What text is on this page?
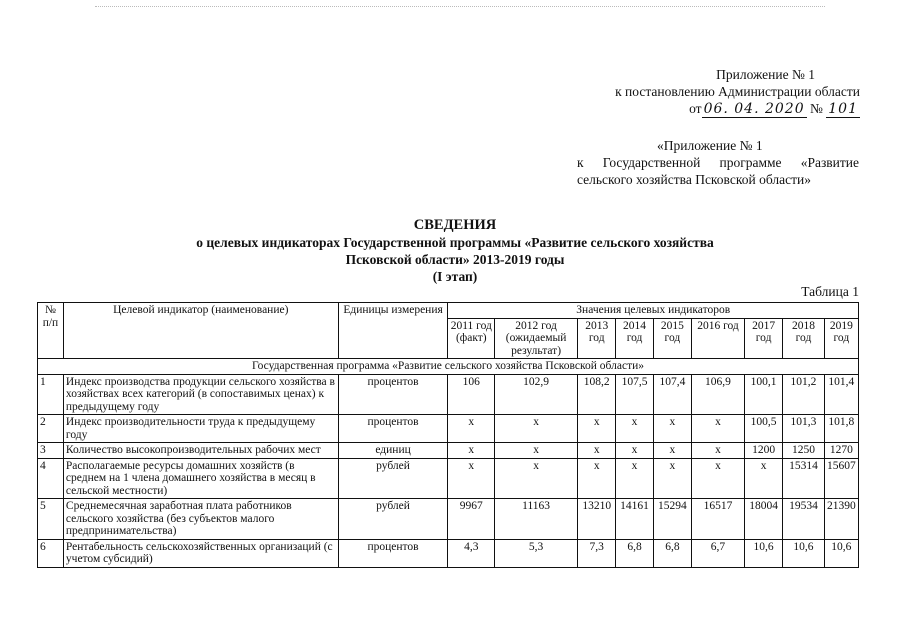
Приложение № 1
к постановлению Администрации области
от 06. 04. 2020 № 101
«Приложение № 1
к Государственной программе «Развитие
сельского хозяйства Псковской области»
СВЕДЕНИЯ
о целевых индикаторах Государственной программы «Развитие сельского хозяйства
Псковской области» 2013-2019 годы
(I этап)
Таблица 1
№ п/п	Целевой индикатор (наименование)	Единицы измерения	Значения целевых индикаторов								
			2011 год (факт)	2012 год (ожидаемый результат)	2013 год	2014 год	2015 год	2016 год	2017 год	2018 год	2019 год
Государственная программа «Развитие сельского хозяйства Псковской области»											
1	Индекс производства продукции сельского хозяйства в хозяйствах всех категорий (в сопоставимых ценах) к предыдущему году	процентов	106	102,9	108,2	107,5	107,4	106,9	100,1	101,2	101,4
2	Индекс производительности труда к предыдущему году	процентов	х	х	х	х	х	х	100,5	101,3	101,8
3	Количество высокопроизводительных рабочих мест	единиц	х	х	х	х	х	х	1200	1250	1270
4	Располагаемые ресурсы домашних хозяйств (в среднем на 1 члена домашнего хозяйства в месяц в сельской местности)	рублей	х	х	х	х	х	х	х	15314	15607
5	Среднемесячная заработная плата работников сельского хозяйства (без субъектов малого предпринимательства)	рублей	9967	11163	13210	14161	15294	16517	18004	19534	21390
6	Рентабельность сельскохозяйственных организаций (с учетом субсидий)	процентов	4,3	5,3	7,3	6,8	6,8	6,7	10,6	10,6	10,6
